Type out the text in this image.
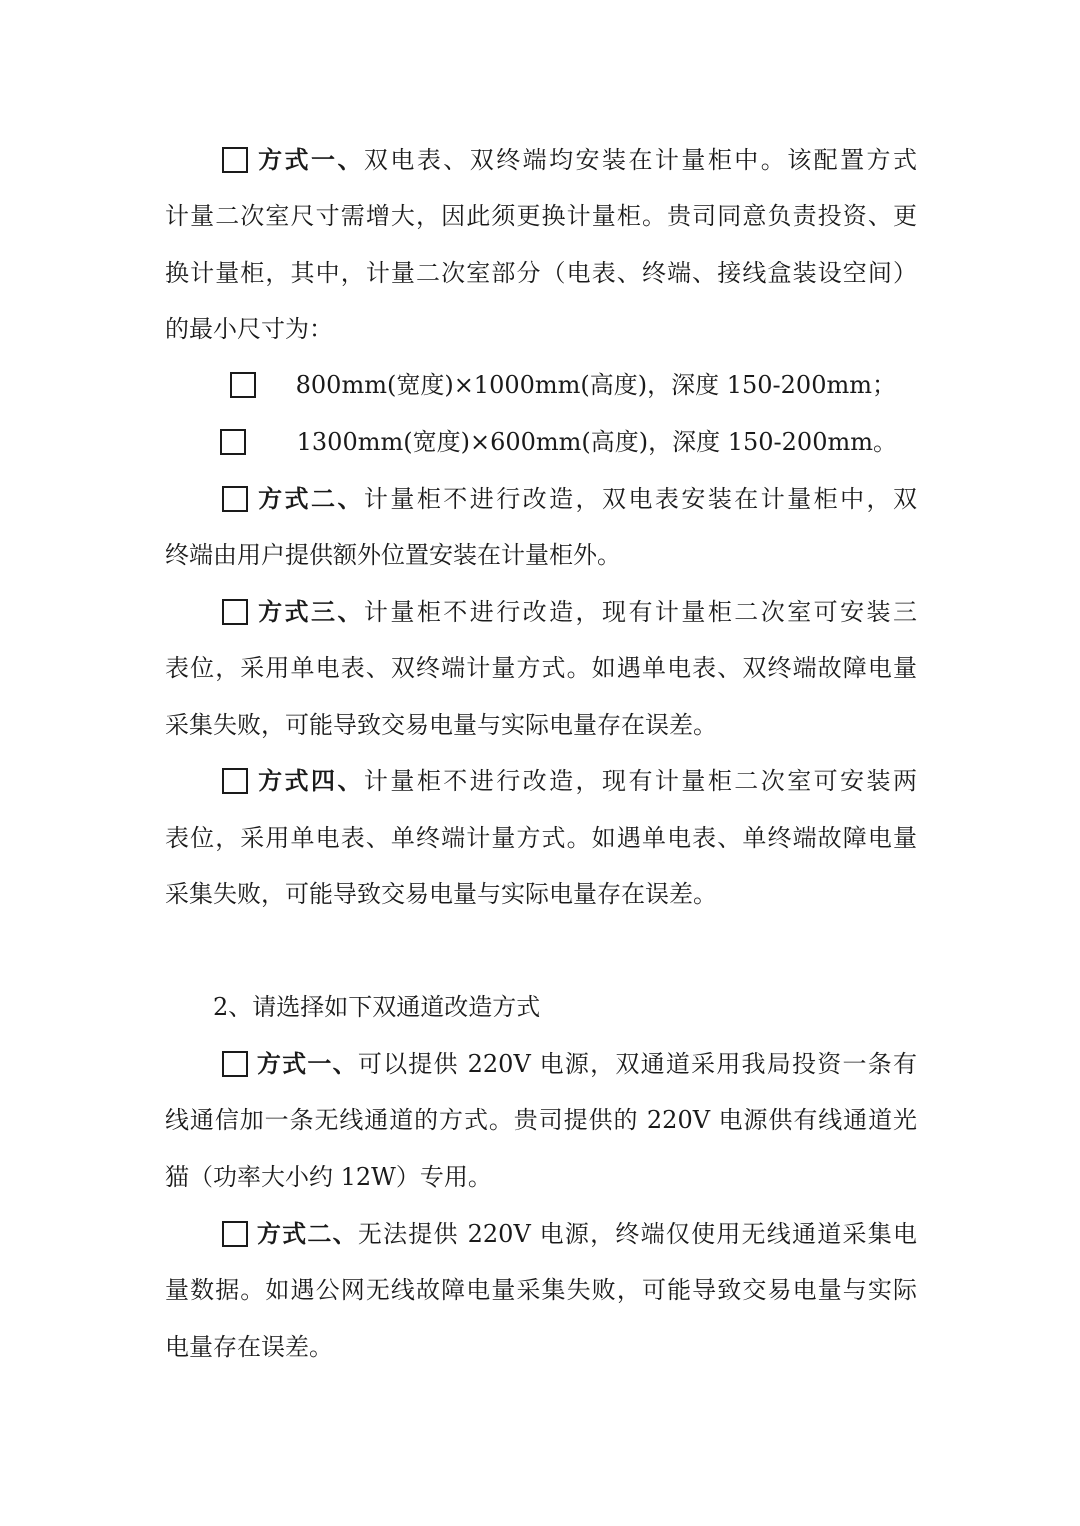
方式一、双电表、双终端均安装在计量柜中。该配置方式
计量二次室尺寸需增大，因此须更换计量柜。贵司同意负责投资、更
换计量柜，其中，计量二次室部分（电表、终端、接线盒装设空间）
的最小尺寸为：
800mm(宽度)×1000mm(高度)，深度 150-200mm；
1300mm(宽度)×600mm(高度)，深度 150-200mm。
方式二、计量柜不进行改造，双电表安装在计量柜中，双
终端由用户提供额外位置安装在计量柜外。
方式三、计量柜不进行改造，现有计量柜二次室可安装三
表位，采用单电表、双终端计量方式。如遇单电表、双终端故障电量
采集失败，可能导致交易电量与实际电量存在误差。
方式四、计量柜不进行改造，现有计量柜二次室可安装两
表位，采用单电表、单终端计量方式。如遇单电表、单终端故障电量
采集失败，可能导致交易电量与实际电量存在误差。
2、请选择如下双通道改造方式
方式一、可以提供 220V 电源，双通道采用我局投资一条有
线通信加一条无线通道的方式。贵司提供的 220V 电源供有线通道光
猫（功率大小约 12W）专用。
方式二、无法提供 220V 电源，终端仅使用无线通道采集电
量数据。如遇公网无线故障电量采集失败，可能导致交易电量与实际
电量存在误差。
